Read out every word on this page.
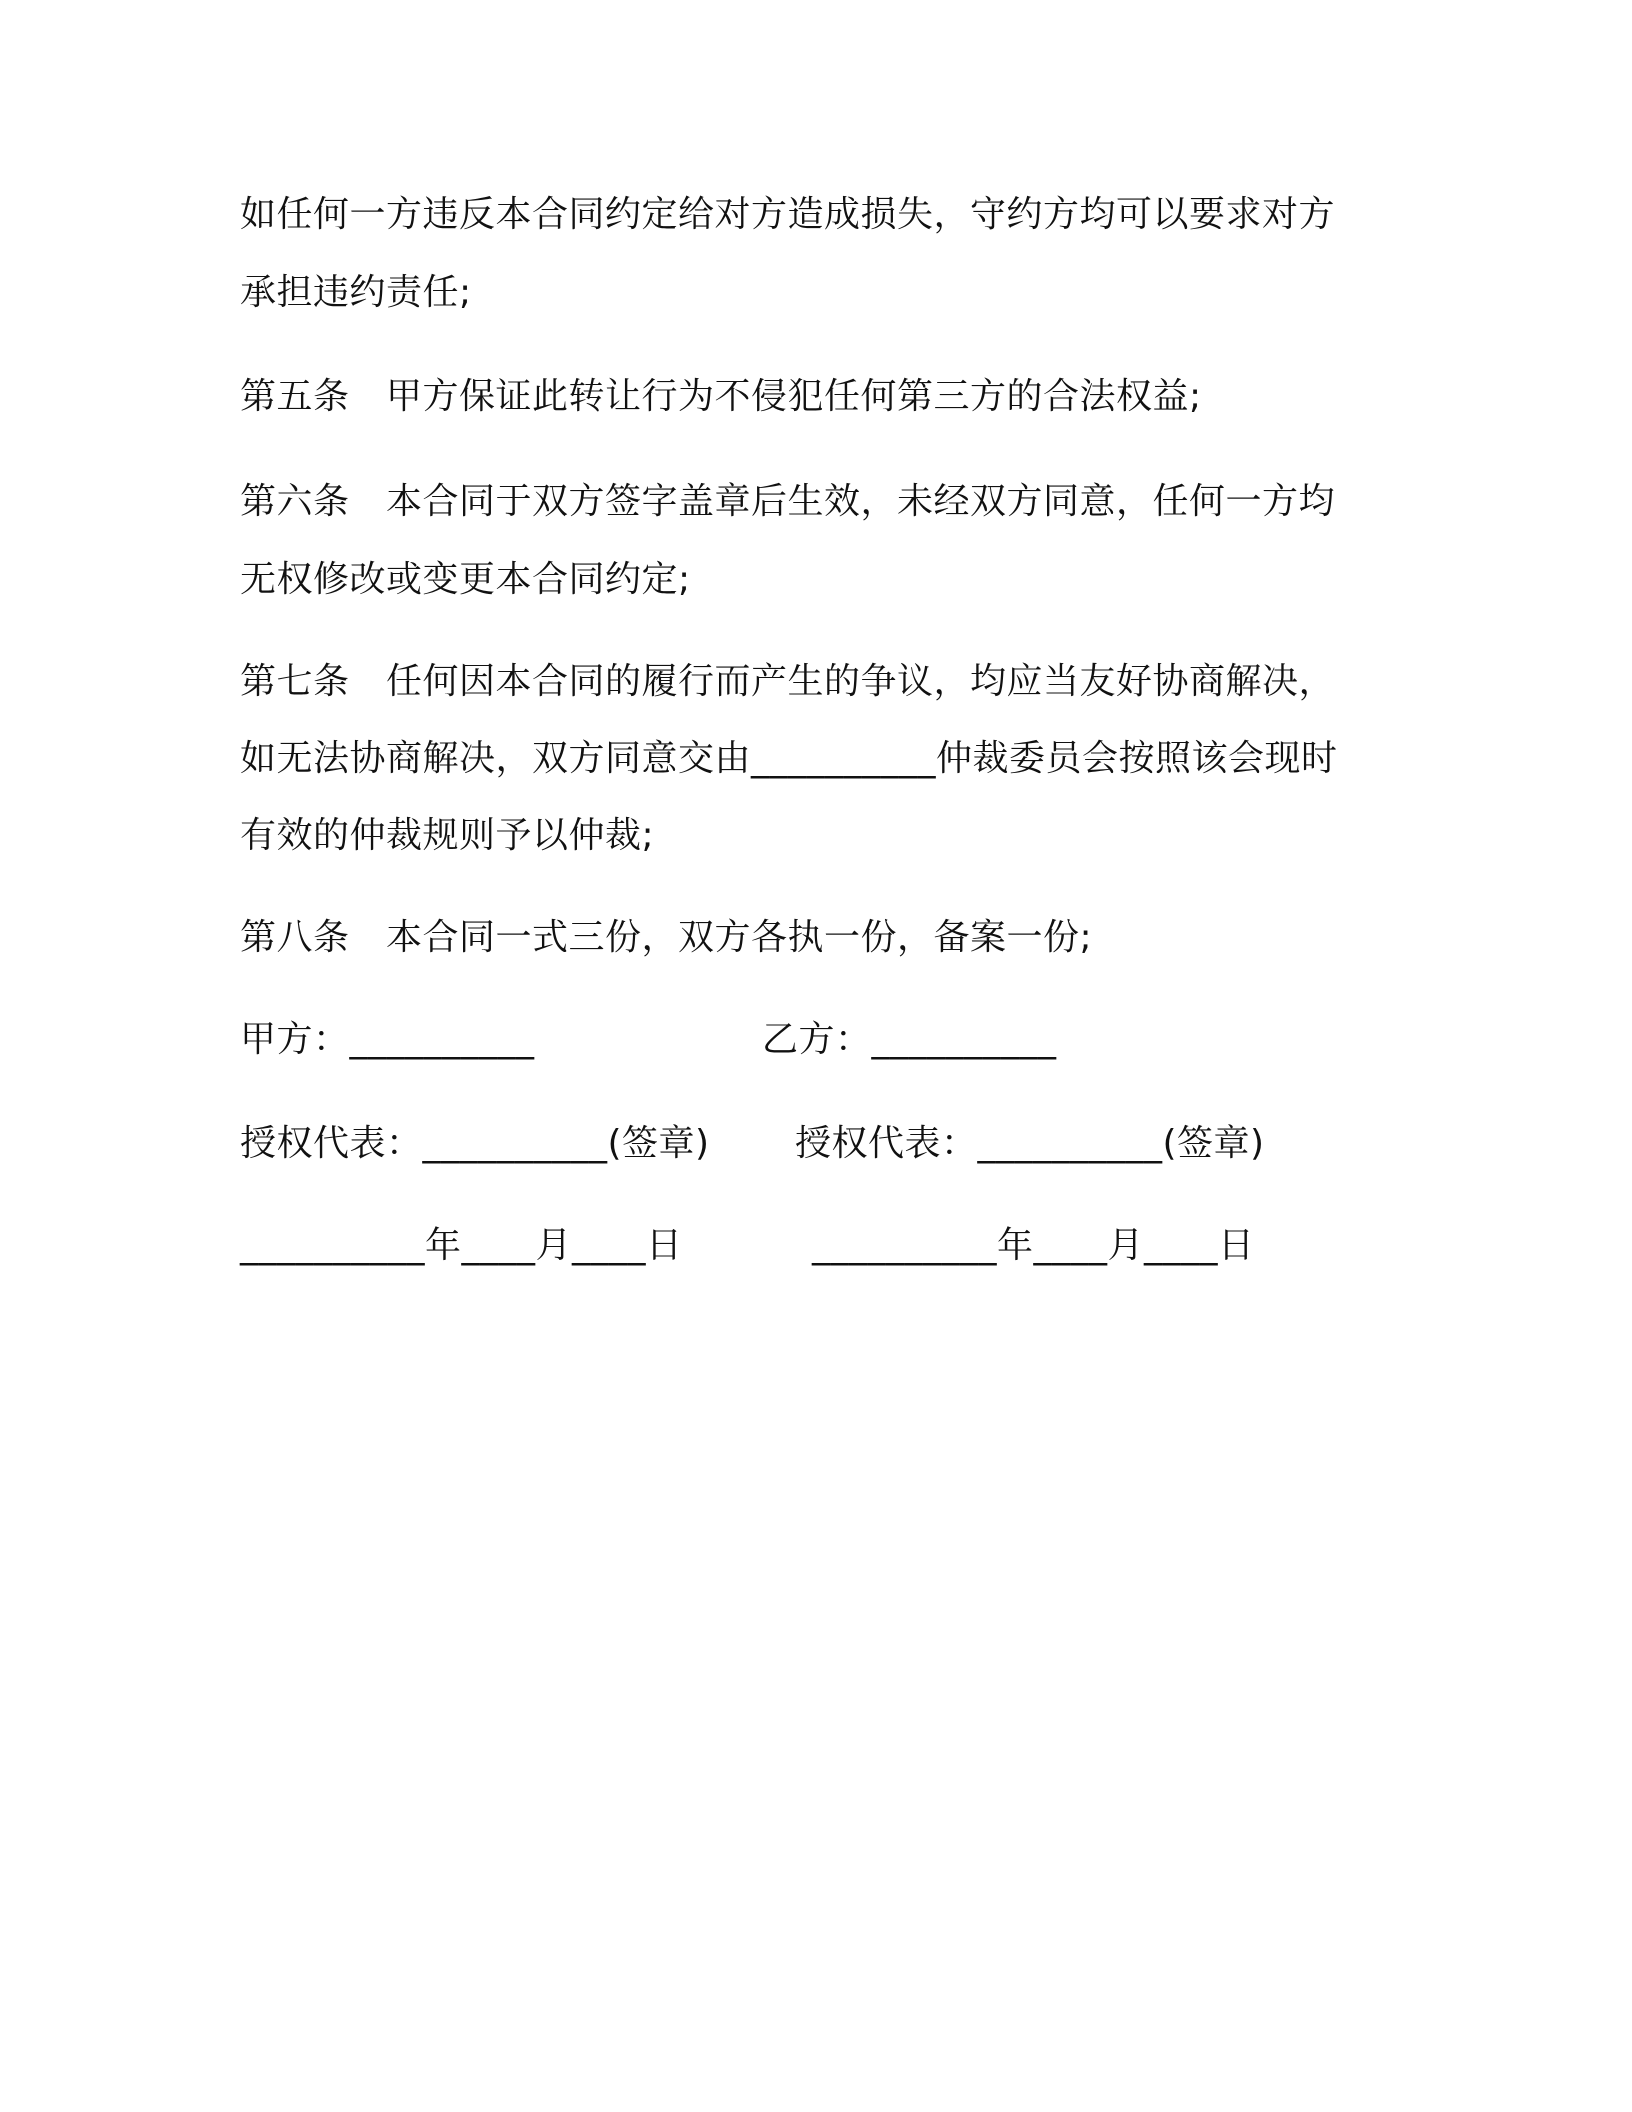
如任何一方违反本合同约定给对方造成损失，守约方均可以要求对方
承担违约责任;
第五条　甲方保证此转让行为不侵犯任何第三方的合法权益;
第六条　本合同于双方签字盖章后生效，未经双方同意，任何一方均
无权修改或变更本合同约定;
第七条　任何因本合同的履行而产生的争议，均应当友好协商解决，
如无法协商解决，双方同意交由__________仲裁委员会按照该会现时
有效的仲裁规则予以仲裁;
第八条　本合同一式三份，双方各执一份，备案一份;
甲方：__________	乙方：__________
授权代表：__________(签章) 授权代表：__________(签章)
__________年____月____日	__________年____月____日
